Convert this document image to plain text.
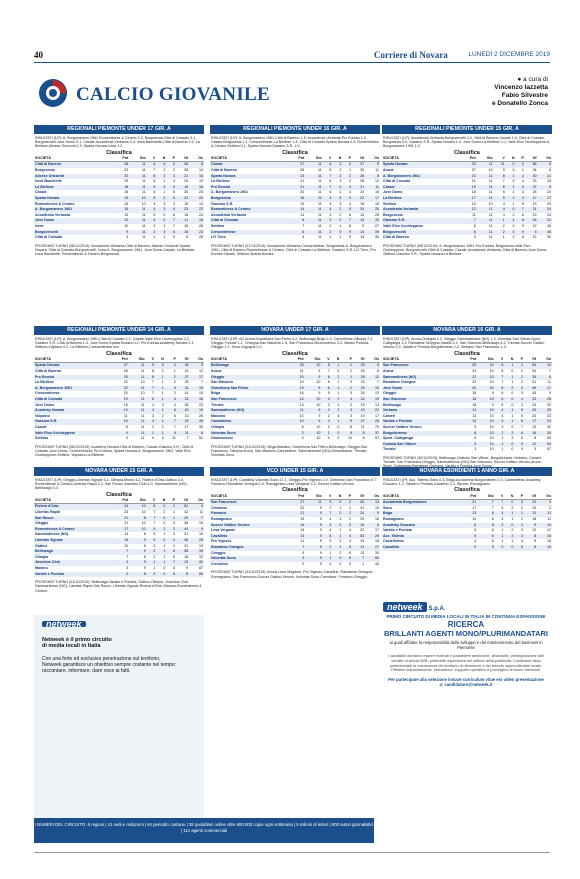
40	Corriere di Novara	LUNEDÌ 2 DICEMBRE 2019
CALCIO GIOVANILE
● a cura di
Vincenzo Iazzetta
Fabio Silvestre
e Donatello Zonca
REGIONALI PIEMONTE UNDER 17 GIR. A
RISULTATI (11ª): A. Borgomanero 1961-Romentinese & Cerano 2-2, Borgosesia-Città di Cossato 3-1, Borgovercelli-Juve Domo 0-1, Casale-Accademia Verbania 3-4, Ivrea Banchette-Città di Baveno 2-2, La Biellese-Alicese Orizzonti 2-0, Sparta Novara-Ivrea 1-2.
Classifica
SOCIETÀ	Pnt	Gio	V	N	P	Gf	Gs
Città di Baveno	28	11	8	4	0	28	8
Borgosesia	23	11	7	2	2	28	14
Alicese Orizzonti	20	11	6	2	3	21	15
Ivrea Banchette	19	11	6	1	4	26	19
La Biellese	18	11	5	3	3	18	16
Casale	16	11	5	1	5	30	23
Sparta Novara	15	10	5	0	5	23	20
Romentinese & Cerano	15	10	4	3	3	18	14
A. Borgomanero 1961	15	11	4	3	4	23	22
Accademia Verbania	15	11	5	0	6	18	24
Juve Domo	12	11	4	0	7	11	15
Ivrea	10	11	3	1	7	15	26
Borgovercelli	9	11	2	3	6	16	23
Città di Cossato	4	11	1	1	9	9	28
PROSSIMO TURNO (08/12/2019): Accademia Verbania-Città di Baveno, Alicese Orizzonti-Sparta Novara, Città di Cossato-Borgovercelli, Ivrea-A. Borgomanero 1961, Juve Domo-Casale, La Biellese-Ivrea Banchette, Romentinese & Cerano-Borgosesia.
REGIONALI PIEMONTE UNDER 16 GIR. A
RISULTATI (11ª): A. Borgomanero 1961-Città di Baveno 1-6, Accademia Verbania-Pro Eureka 1-0, Casale-Borgosesia 1-1, Crescentinese-La Biellese 1-4, Città di Cossato-Sparta Novara 0-3, Romentinese & Cerano-Settimo 0-1, Sparta Novara-Gassino S.R. 1-0.
Classifica
SOCIETÀ	Pnt	Gio	V	N	P	Gf	Gs
Casale	27	11	8	3	0	37	9
Città di Baveno	26	11	8	2	1	30	11
Sparta Novara	23	11	7	2	2	28	8
La Biellese	21	11	6	3	2	28	12
Pro Eureka	21	11	7	0	4	21	11
A. Borgomanero 1961	20	11	6	2	3	24	16
Borgosesia	16	11	4	4	3	22	17
Gassino S.R.	15	11	4	3	4	16	15
Romentinese & Cerano	14	11	4	2	5	20	20
Accademia Verbania	11	11	3	2	6	13	26
Città di Cossato	8	11	2	2	7	14	33
Settimo	7	11	2	1	8	9	27
Crescentinese	6	11	2	0	9	14	39
LG Trino	4	11	1	1	9	13	30
PROSSIMO TURNO (07/12/2019): Accademia Verbania-Crescentinese, Borgosesia-A. Borgomanero 1961, Città di Baveno-Romentinese & Cerano, Città di Cossato-La Biellese, Gassino S.R.-LG Trino, Pro Eureka-Casale, Settimo-Sparta Novara.
REGIONALI PIEMONTE UNDER 15 GIR. A
RISULTATI (11ª): Accademia Verbania-Borgovercelli 2-0, Città di Baveno-Casale 1-0, Città di Cossato-Borgosesia 3-0, Gassino S.R.-Sparta Novara 1-4, Juve Domo-La Biellese 1-1, Valle Elvo Occhieppese-A. Borgomanero 1961 1-3.
Classifica
SOCIETÀ	Pnt	Gio	V	N	P	Gf	Gs
Sparta Novara	33	11	11	0	0	66	5
Arona	27	10	9	0	1	34	8
A. Borgomanero 1961	23	11	8	1	2	30	21
Città di Cossato	21	11	7	0	4	23	15
Casale	19	11	6	1	4	37	9
Juve Domo	18	11	5	3	3	28	24
La Biellese	17	11	5	2	4	17	17
Settimo	13	10	4	1	5	13	29
Accademia Verbania	12	11	4	0	7	21	24
Borgosesia	11	11	3	2	6	13	24
Gassino S.R.	7	11	1	4	6	16	21
Valle Elvo Occhieppese	6	11	2	0	9	12	45
Borgovercelli	6	11	2	0	9	4	40
Città di Baveno	3	11	1	2	8	12	30
PROSSIMO TURNO (08/12/2019): A. Borgomanero 1961-Pro Eureka, Borgosesia-Valle Elvo Occhieppese, Borgovercelli-Città di Cossato, Casale-Accademia Verbania, Città di Baveno-Juve Domo, Settimo-Gassino S.R., Sparta Novara-La Biellese.
REGIONALI PIEMONTE UNDER 14 GIR. A
RISULTATI (11ª): A. Borgomanero 1961-Città di Cossato 1-2, Casale-Valle Elvo Occhieppese 3-2, Gassino S.R.-Città di Baveno 1-3, Juve Domo-Sparta Novara 0-2, Pro Eureka-Academy Novara 2-1, Settimo-Volpiano 0-2, La Biellese-Crescentinese rinv.
Classifica
SOCIETÀ	Pnt	Gio	V	N	P	Gf	Gs
Sparta Novara	27	11	9	0	2	39	9
Città di Baveno	26	11	8	2	1	41	12
Pro Eureka	25	11	8	1	2	37	17
La Biellese	22	10	7	1	2	29	7
A. Borgomanero 1961	22	11	7	1	3	31	15
Crescentinese	20	10	7	1	2	41	15
Città di Cossato	19	11	6	1	4	22	16
Juve Domo	15	11	4	3	4	26	23
Academy Novara	13	11	4	1	6	20	19
Volpiano	11	11	3	2	6	15	26
Gassino S.R.	10	11	3	1	7	24	39
Casale	8	11	2	2	7	17	30
Valle Elvo Occhieppese	4	11	1	1	9	11	8
Settimo	0	11	0	0	11	7	51
PROSSIMO TURNO (08/12/2019): Academy Novara-Città di Baveno, Casale-Gassino S.R., Città di Cossato-Juve Domo, Crescentinese-Pro Eureka, Sparta Novara-A. Borgomanero 1961, Valle Elvo Occhieppese-Settimo, Volpiano-La Biellese.
NOVARA UNDER 17 GIR. A
RISULTATI (10ª): AG Arona-Gravellona San Pietro 4-2, Bellinzago-Briga 2-0, Cannobiese-Olimpia 7-2, Oleggio-Trecate 1-1, Omegna-San Maurizio 1-5, San Francesco-Mezzomerico 3-3, Varallo Pombia-Oleggio 1-1, Suno-Vogogna 2-0.
Classifica
SOCIETÀ	Pnt	Gio	V	N	P	Gf	Gs
Bellinzago	25	10	8	1	1	33	8
Arona	21	9	7	0	2	39	8
Oleggio	20	9	6	2	1	28	12
San Maurizio	19	10	6	1	3	33	7
Gravellona San Pietro	19	9	6	1	2	29	10
Briga	16	9	5	1	3	34	13
San Francesco	14	10	4	2	4	24	19
Trecate	13	10	3	4	3	15	13
Sammartinese (NO)	11	9	3	2	4	19	22
Massino	10	9	2	4	3	19	17
Cannobiese	10	9	3	1	5	27	26
Olimpia	6	10	2	0	8	11	70
Volontas Suno	3	10	1	0	9	8	37
Omussesese	0	10	0	0	10	8	57
PROSSIMO TURNO (01/12/2019): Briga-Massino, Gravellona San Pietro-Bellinzago, Oleggio-San Francesco, Olimpia-Arona, San Maurizio-Cannobiese, Sammartinese (NO)-Omussesese, Trecate-Volontas Suno.
NOVARA UNDER 16 GIR. A
RISULTATI (10ª): Arona-Omegna 1-2, Oleggio-Sammartinese (NO) 1-3, Volontas San Vittore-Sport Cultiganga 1-3, Ramatese Omegna-Varallo 2-1, San Giacomo-Bellinzago 4-2, Trecate-Soccer Gattico Veruno 0-5, Varallo e Pombia-Borgoticinese 2-2, Verbano San Francesco 1-3.
Classifica
SOCIETÀ	Pnt	Gio	V	N	P	Gf	Gs
San Francesco	25	10	8	1	1	54	10
Arona	24	10	8	0	2	34	7
Sammartinese (NO)	22	10	7	1	2	35	8
Ramatese Omegna	22	10	7	1	2	21	11
Juve Domo	20	10	6	2	2	49	17
Oleggio	18	9	6	0	3	45	9
San Giacomo	18	10	6	0	4	33	25
Bellinzago	18	9	6	0	3	24	20
Verbano	13	10	4	1	5	25	25
Cameri	13	10	4	1	5	24	23
Varallo e Pombia	10	10	3	1	6	17	24
Soccer Gattico Veruno	9	10	3	0	7	13	42
Borgoticinese	8	10	2	2	6	16	30
Sport. Cultiganga	6	10	1	3	6	8	50
Ovaiola San Vittore	3	10	1	0	9	12	53
Trecate	3	10	1	0	9	3	67
PROSSIMO TURNO (30/11/2019): Bellinzago-Oratorio San Vittore, Borgoticinese-Verbano, Cameri-Trecate, San Francesco-Oleggio, Sammartinese (NO)-San Giacomo, Soccer Gattico Veruno-Arona,
NOVARA UNDER 15 GIR. A
RISULTATI (10ª): Oleggio-Libertas Vignale 5-1, Olimpia-Momo 4-2, Riviera d'Orta-Gattico 2-0, Romentinese & Cerano-Libertas Rapid 2-2, San Rocco-Juventus Club 4-0, Sammartinese (NO)-Bellinzago 0-3.
Classifica
SOCIETÀ	Pnt	Gio	V	N	P	Gf	Gs
Riviera d'Orta	24	10	8	0	2	52	9
Libertas Rapid	23	10	7	2	1	42	11
San Rocco	21	8	7	0	1	29	7
Oleggio	21	10	7	0	3	38	19
Romentinese & Cerano	17	10	5	2	3	44	9
Sammartinese (NO)	14	8	5	1	2	31	10
Libertas Vignale	15	9	5	0	4	38	25
Gattico	10	8	3	1	4	31	19
Bellinzago	7	9	2	1	6	36	39
Olimpia	7	8	2	1	5	18	33
Juventus Club	4	9	1	1	7	13	42
Marano	3	9	1	0	8	9	87
Varallo e Pombia	0	8	0	0	8	8	80
PROSSIMO TURNO (01/12/2019): Bellinzago-Varallo e Pombia, Gattico-Olimpia, Juventus Club-Sammartinese (NO), Libertas Rapid-San Rocco, Libertas Vignale-Riviera d'Orta, Marano-Romentinese & Cerano.
VCO UNDER 15 GIR. A
RISULTATI (10ª): Cavallirio-Volontas Suno 17-1, Oleggio-Pro Vigezzo 2-0, Cireniese-San Francesco 0-7, Fomarco-Ramatese Omegna 0-0, Romagnano-Lesa Vergante 2-2, Soccer Gattico Veruno.
Classifica
SOCIETÀ	Pnt	Gio	V	N	P	Gf	Gs
San Francesco	27	11	9	0	2	40	13
Cireniese	22	9	7	1	1	41	10
Fomarco	21	9	7	0	2	24	9
Romagnano	15	9	4	3	2	29	16
Soccer Gattico Veruno	14	9	4	2	3	16	8
Lesa Vergante	13	9	4	1	4	22	17
Cavallirio	13	9	4	1	4	53	29
Pro Vigezzo	11	9	3	2	4	19	18
Ramatese Omegna	7	9	2	1	5	11	27
Cireggio	5	9	1	2	6	13	30
Volontas Suno	3	9	1	0	8	7	60
Crevolese	0	9	0	0	9	1	44
PROSSIMO TURNO (01/12/2019): Arona-Lesa Vergante, Pro Vigezzo-Cavallirio, Ramatese Omegna-Romagnano, San Francesco-Soccer Gattico Veruno, Volontas Suno-Crevolese, Fomarco-Cireggio.
NOVARA ESORDIENTI 1 ANNO GIR. A
RISULTATI (1ª): Acc. Talento-Sano 0-3, Briga-Accademia Borgomanero 0-3, Castelletese-Academy Gozzano 1-3, Varallo e Pombia-Cavallirio 2-2, Ripose: Romagnano.
Classifica
SOCIETÀ	Pnt	Gio	V	N	P	Gf	Gs
Accademia Borgomanero	21	7	7	0	0	23	3
Sano	17	7	5	2	0	13	2
Briga	13	6	4	1	1	13	11
Romagnano	10	6	3	1	2	18	11
Academy Gozzano	6	6	2	0	4	9	13
Varallo e Pombia	5	6	1	2	3	12	17
Acc. Talento	5	6	1	2	3	8	15
Castelletese	4	6	1	1	4	5	15
Cavallirio	0	5	0	0	5	5	19
netweek
Netweek è il primo circuito
di media locali in Italia
Con una forte ed esclusiva penetrazione sul territorio,
Netweek garantisce un obiettivo sempre costante nel tempo:
raccontare, informare, dare voce ai fatti.
I NUMERI DEL CIRCUITO: 6 regioni | 41 sedi e redazioni | 64 periodici cartacei | 38 quotidiani online oltre 600.000 copie ogni settimana | 9 milioni di lettori | 600 autori giornalistici | 114 agenti commerciali
netweek S.p.A.
PRIMO CIRCUITO DI MEDIA LOCALI IN ITALIA IN CONTINUA ESPANSIONE
RICERCA
BRILLANTI AGENTI MONO/PLURIMANDATARI
ai quali affidare la responsabilità dello sviluppo e del mantenimento del business in Piemonte
I candidati dovranno essere motivati e possedere ambizione, dinamicità, predisposizione alle vendite di servizi B2B; preferibile esperienza nel settore della pubblicità. Costituisce titolo preferenziale la conoscenza del territorio di riferimento e del tessuto imprenditoriale locale. Offriamo inquadramento, formazione, supporto operativo e provvigioni di sicuro interesse.
Per partecipare alla selezione inviare curriculum vitae e/o video presentazione a: candidature@netweek.it
